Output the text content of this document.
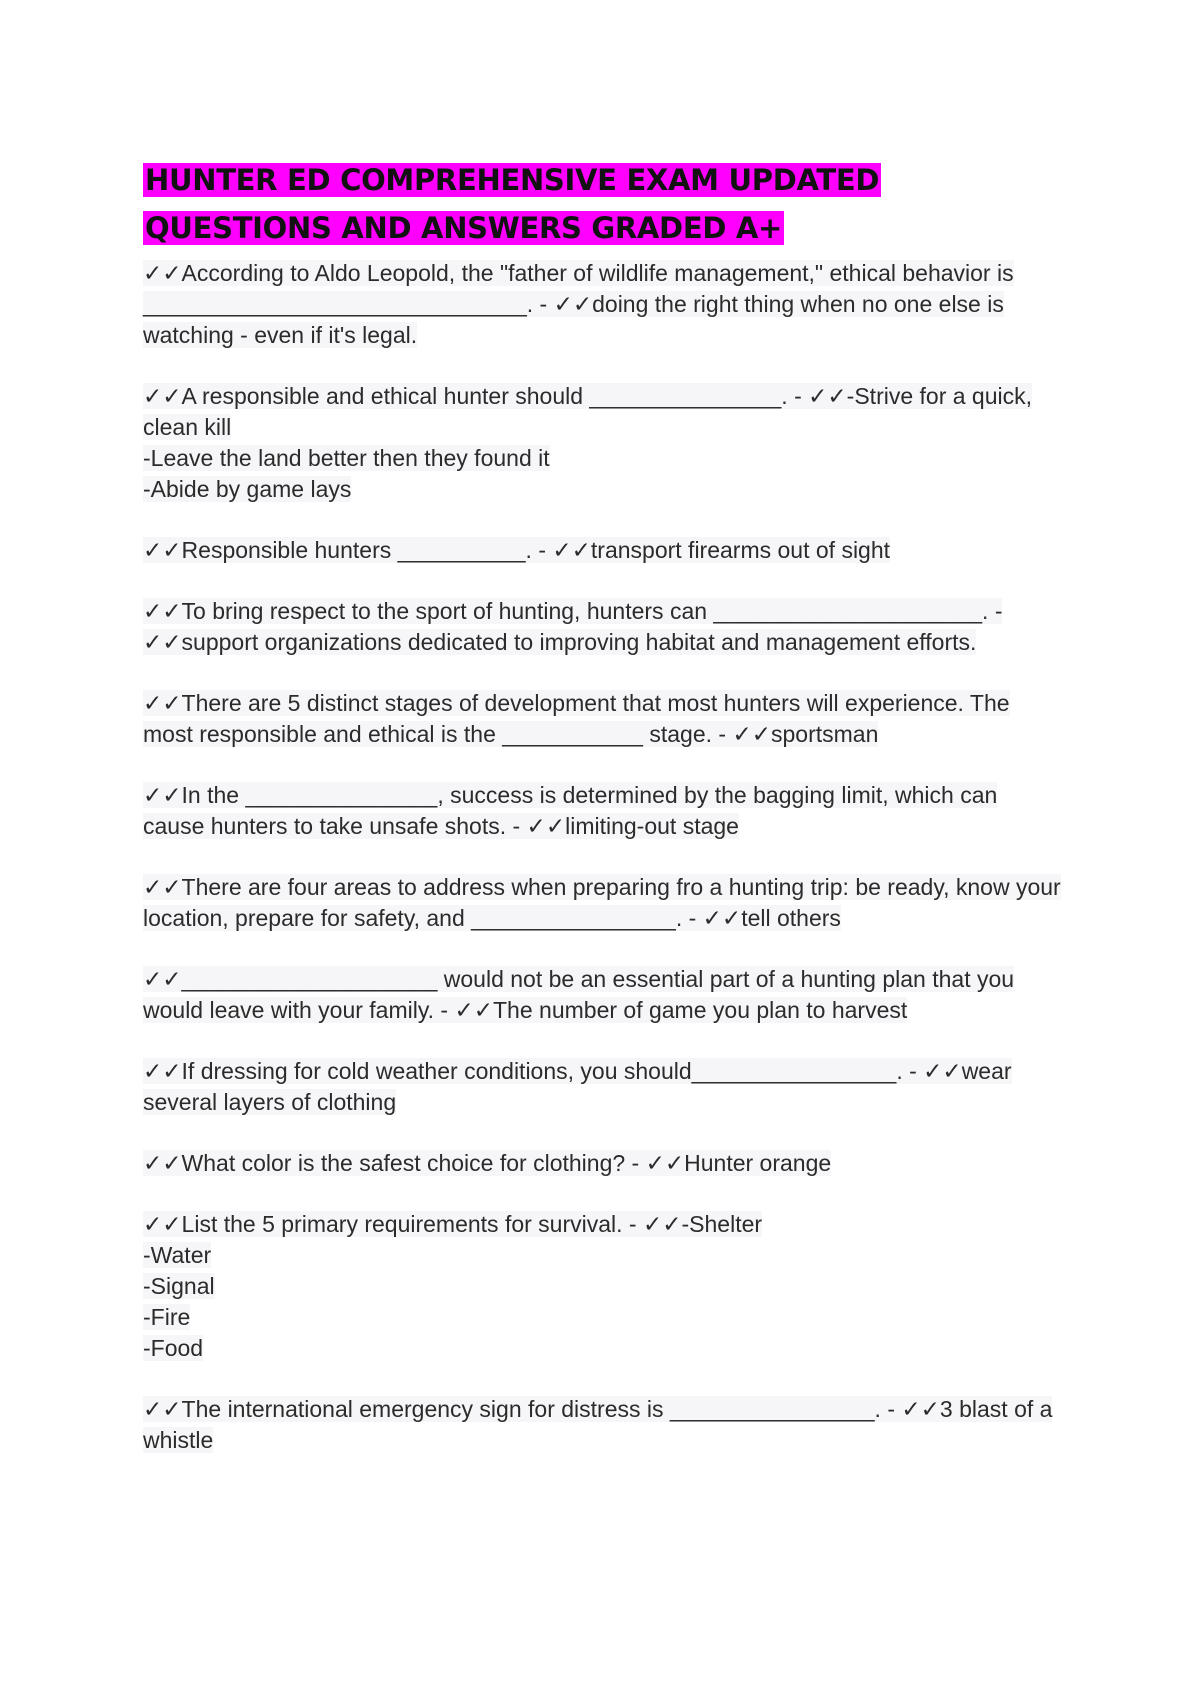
HUNTER ED COMPREHENSIVE EXAM UPDATED QUESTIONS AND ANSWERS GRADED A+

✓✓According to Aldo Leopold, the "father of wildlife management," ethical behavior is ______________________________. - ✓✓doing the right thing when no one else is watching - even if it's legal.

✓✓A responsible and ethical hunter should _______________. - ✓✓-Strive for a quick, clean kill
-Leave the land better then they found it
-Abide by game lays

✓✓Responsible hunters __________. - ✓✓transport firearms out of sight

✓✓To bring respect to the sport of hunting, hunters can _____________________. - ✓✓support organizations dedicated to improving habitat and management efforts.

✓✓There are 5 distinct stages of development that most hunters will experience. The most responsible and ethical is the ___________ stage. - ✓✓sportsman

✓✓In the _______________, success is determined by the bagging limit, which can cause hunters to take unsafe shots. - ✓✓limiting-out stage

✓✓There are four areas to address when preparing fro a hunting trip: be ready, know your location, prepare for safety, and ________________. - ✓✓tell others

✓✓____________________ would not be an essential part of a hunting plan that you would leave with your family. - ✓✓The number of game you plan to harvest

✓✓If dressing for cold weather conditions, you should________________. - ✓✓wear several layers of clothing

✓✓What color is the safest choice for clothing? - ✓✓Hunter orange

✓✓List the 5 primary requirements for survival. - ✓✓-Shelter
-Water
-Signal
-Fire
-Food

✓✓The international emergency sign for distress is ________________. - ✓✓3 blast of a whistle
